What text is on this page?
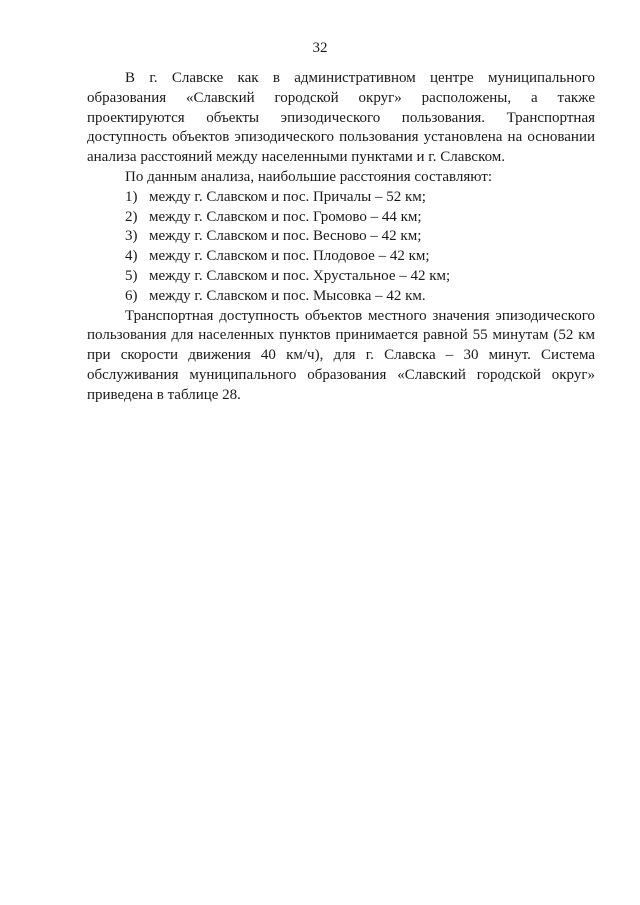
32

В г. Славске как в административном центре муниципального образования «Славский городской округ» расположены, а также проектируются объекты эпизодического пользования. Транспортная доступность объектов эпизодического пользования установлена на основании анализа расстояний между населенными пунктами и г. Славском.

По данным анализа, наибольшие расстояния составляют:

1) между г. Славском и пос. Причалы – 52 км;
2) между г. Славском и пос. Громово – 44 км;
3) между г. Славском и пос. Весново – 42 км;
4) между г. Славском и пос. Плодовое – 42 км;
5) между г. Славском и пос. Хрустальное – 42 км;
6) между г. Славском и пос. Мысовка – 42 км.

Транспортная доступность объектов местного значения эпизодического пользования для населенных пунктов принимается равной 55 минутам (52 км при скорости движения 40 км/ч), для г. Славска – 30 минут. Система обслуживания муниципального образования «Славский городской округ» приведена в таблице 28.
